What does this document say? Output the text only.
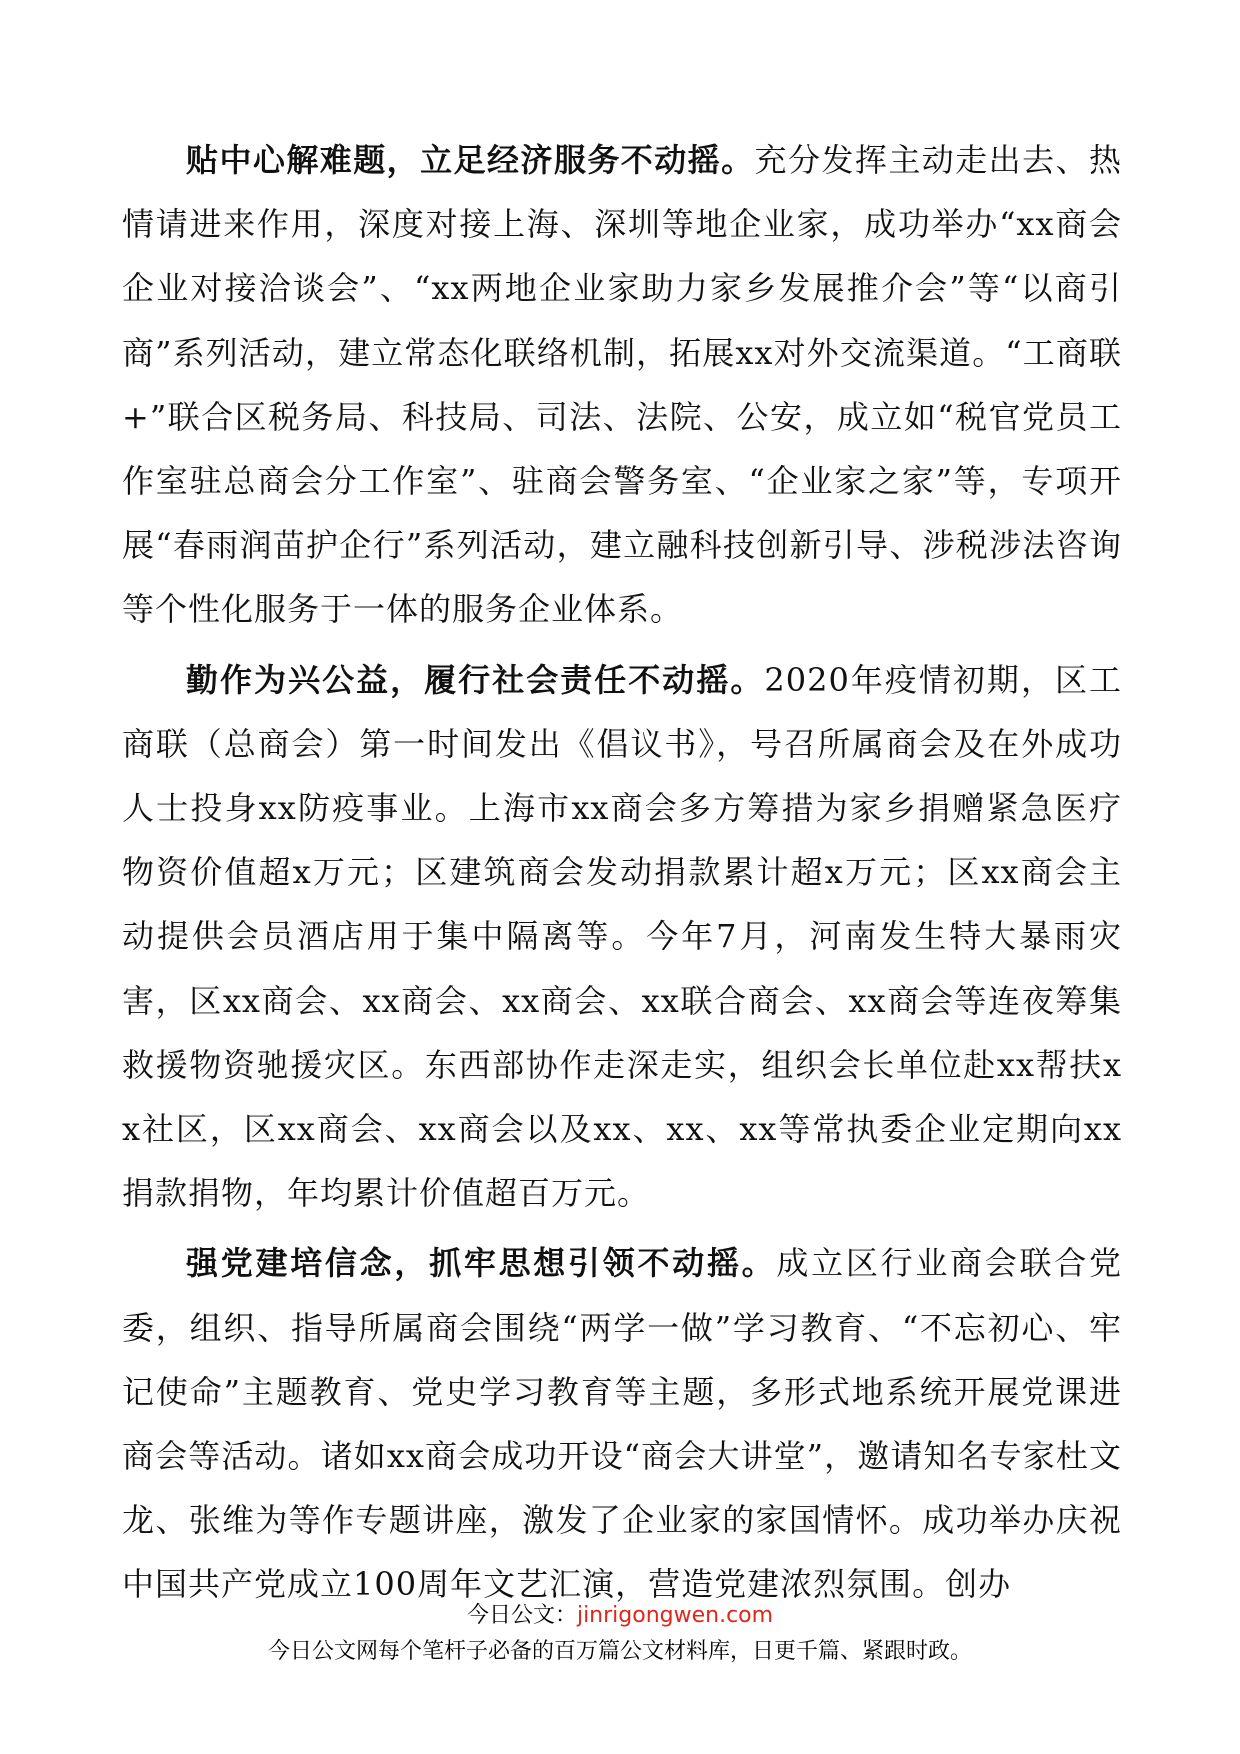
贴中心解难题，立足经济服务不动摇。充分发挥主动走出去、热情请进来作用，深度对接上海、深圳等地企业家，成功举办“xx商会企业对接洽谈会”、“xx两地企业家助力家乡发展推介会”等“以商引商”系列活动，建立常态化联络机制，拓展xx对外交流渠道。“工商联+”联合区税务局、科技局、司法、法院、公安，成立如“税官党员工作室驻总商会分工作室”、驻商会警务室、“企业家之家”等，专项开展“春雨润苗护企行”系列活动，建立融科技创新引导、涉税涉法咨询等个性化服务于一体的服务企业体系。

勤作为兴公益，履行社会责任不动摇。2020年疫情初期，区工商联（总商会）第一时间发出《倡议书》，号召所属商会及在外成功人士投身xx防疫事业。上海市xx商会多方筹措为家乡捐赠紧急医疗物资价值超x万元；区建筑商会发动捐款累计超x万元；区xx商会主动提供会员酒店用于集中隔离等。今年7月，河南发生特大暴雨灾害，区xx商会、xx商会、xx商会、xx联合商会、xx商会等连夜筹集救援物资驰援灾区。东西部协作走深走实，组织会长单位赴xx帮扶xx社区，区xx商会、xx商会以及xx、xx、xx等常执委企业定期向xx捐款捐物，年均累计价值超百万元。

强党建培信念，抓牢思想引领不动摇。成立区行业商会联合党委，组织、指导所属商会围绕“两学一做”学习教育、“不忘初心、牢记使命”主题教育、党史学习教育等主题，多形式地系统开展党课进商会等活动。诸如xx商会成功开设“商会大讲堂”，邀请知名专家杜文龙、张维为等作专题讲座，激发了企业家的家国情怀。成功举办庆祝中国共产党成立100周年文艺汇演，营造党建浓烈氛围。创办

今日公文：jinrigongwen.com
今日公文网每个笔杆子必备的百万篇公文材料库，日更千篇、紧跟时政。
